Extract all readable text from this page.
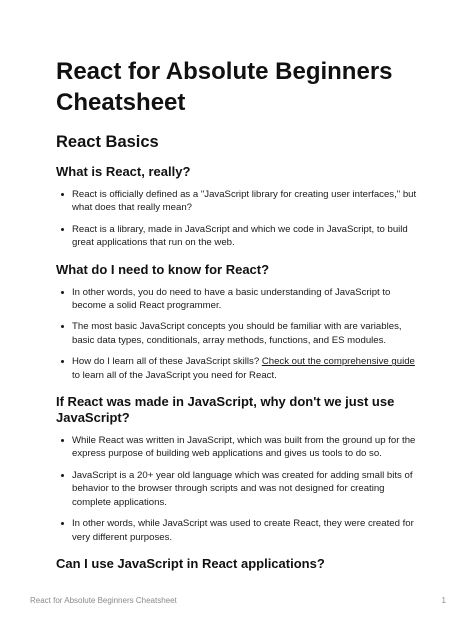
React for Absolute Beginners
Cheatsheet
React Basics
What is React, really?
React is officially defined as a "JavaScript library for creating user interfaces," but what does that really mean?
React is a library, made in JavaScript and which we code in JavaScript, to build great applications that run on the web.
What do I need to know for React?
In other words, you do need to have a basic understanding of JavaScript to become a solid React programmer.
The most basic JavaScript concepts you should be familiar with are variables, basic data types, conditionals, array methods, functions, and ES modules.
How do I learn all of these JavaScript skills? Check out the comprehensive guide to learn all of the JavaScript you need for React.
If React was made in JavaScript, why don't we just use JavaScript?
While React was written in JavaScript, which was built from the ground up for the express purpose of building web applications and gives us tools to do so.
JavaScript is a 20+ year old language which was created for adding small bits of behavior to the browser through scripts and was not designed for creating complete applications.
In other words, while JavaScript was used to create React, they were created for very different purposes.
Can I use JavaScript in React applications?
React for Absolute Beginners Cheatsheet	1
